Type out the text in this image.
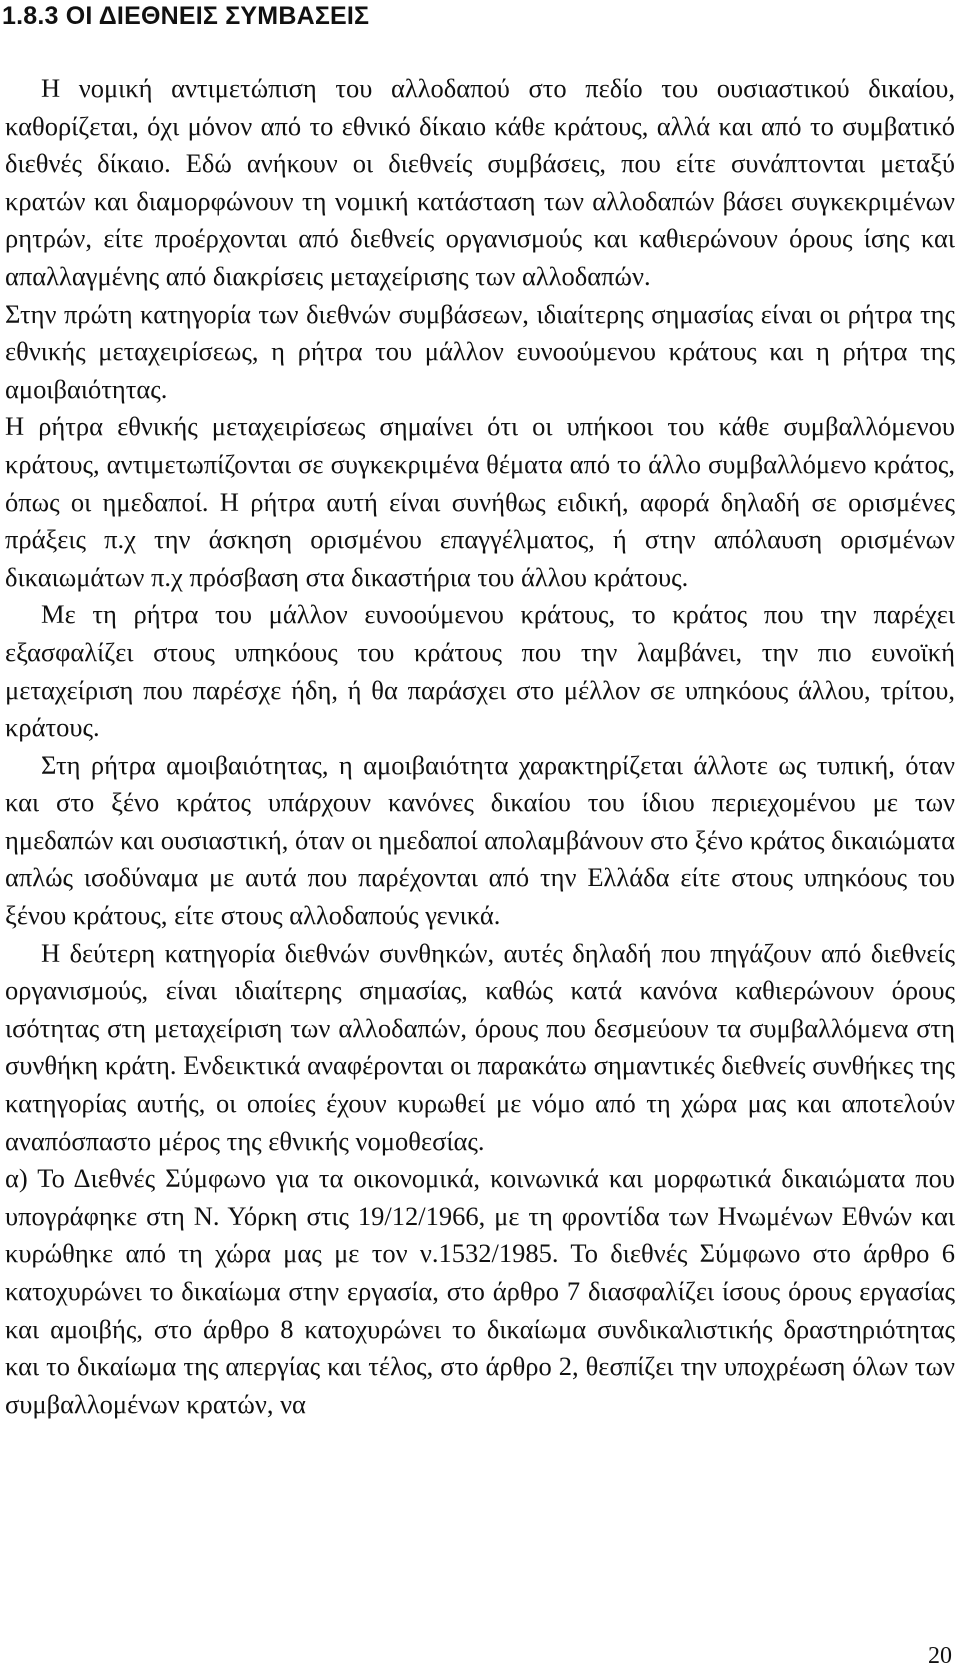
1.8.3 ΟΙ ΔΙΕΘΝΕΙΣ ΣΥΜΒΑΣΕΙΣ

Η νομική αντιμετώπιση του αλλοδαπού στο πεδίο του ουσιαστικού δικαίου, καθορίζεται, όχι μόνον από το εθνικό δίκαιο κάθε κράτους, αλλά και από το συμβατικό διεθνές δίκαιο. Εδώ ανήκουν οι διεθνείς συμβάσεις, που είτε συνάπτονται μεταξύ κρατών και διαμορφώνουν τη νομική κατάσταση των αλλοδαπών βάσει συγκεκριμένων ρητρών, είτε προέρχονται από διεθνείς οργανισμούς και καθιερώνουν όρους ίσης και απαλλαγμένης από διακρίσεις μεταχείρισης των αλλοδαπών.

Στην πρώτη κατηγορία των διεθνών συμβάσεων, ιδιαίτερης σημασίας είναι οι ρήτρα της εθνικής μεταχειρίσεως, η ρήτρα του μάλλον ευνοούμενου κράτους και η ρήτρα της αμοιβαιότητας.

Η ρήτρα εθνικής μεταχειρίσεως σημαίνει ότι οι υπήκοοι του κάθε συμβαλλόμενου κράτους, αντιμετωπίζονται σε συγκεκριμένα θέματα από το άλλο συμβαλλόμενο κράτος, όπως οι ημεδαποί. Η ρήτρα αυτή είναι συνήθως ειδική, αφορά δηλαδή σε ορισμένες πράξεις π.χ την άσκηση ορισμένου επαγγέλματος, ή στην απόλαυση ορισμένων δικαιωμάτων π.χ πρόσβαση στα δικαστήρια του άλλου κράτους.

Με τη ρήτρα του μάλλον ευνοούμενου κράτους, το κράτος που την παρέχει εξασφαλίζει στους υπηκόους του κράτους που την λαμβάνει, την πιο ευνοϊκή μεταχείριση που παρέσχε ήδη, ή θα παράσχει στο μέλλον σε υπηκόους άλλου, τρίτου, κράτους.

Στη ρήτρα αμοιβαιότητας, η αμοιβαιότητα χαρακτηρίζεται άλλοτε ως τυπική, όταν και στο ξένο κράτος υπάρχουν κανόνες δικαίου του ίδιου περιεχομένου με των ημεδαπών και ουσιαστική, όταν οι ημεδαποί απολαμβάνουν στο ξένο κράτος δικαιώματα απλώς ισοδύναμα με αυτά που παρέχονται από την Ελλάδα είτε στους υπηκόους του ξένου κράτους, είτε στους αλλοδαπούς γενικά.

Η δεύτερη κατηγορία διεθνών συνθηκών, αυτές δηλαδή που πηγάζουν από διεθνείς οργανισμούς, είναι ιδιαίτερης σημασίας, καθώς κατά κανόνα καθιερώνουν όρους ισότητας στη μεταχείριση των αλλοδαπών, όρους που δεσμεύουν τα συμβαλλόμενα στη συνθήκη κράτη. Ενδεικτικά αναφέρονται οι παρακάτω σημαντικές διεθνείς συνθήκες της κατηγορίας αυτής, οι οποίες έχουν κυρωθεί με νόμο από τη χώρα μας και αποτελούν αναπόσπαστο μέρος της εθνικής νομοθεσίας.

α) Το Διεθνές Σύμφωνο για τα οικονομικά, κοινωνικά και μορφωτικά δικαιώματα που υπογράφηκε στη Ν. Υόρκη στις 19/12/1966, με τη φροντίδα των Ηνωμένων Εθνών και κυρώθηκε από τη χώρα μας με τον ν.1532/1985. Το διεθνές Σύμφωνο στο άρθρο 6 κατοχυρώνει το δικαίωμα στην εργασία, στο άρθρο 7 διασφαλίζει ίσους όρους εργασίας και αμοιβής, στο άρθρο 8 κατοχυρώνει το δικαίωμα συνδικαλιστικής δραστηριότητας και το δικαίωμα της απεργίας και τέλος, στο άρθρο 2, θεσπίζει την υποχρέωση όλων των συμβαλλομένων κρατών, να

20
